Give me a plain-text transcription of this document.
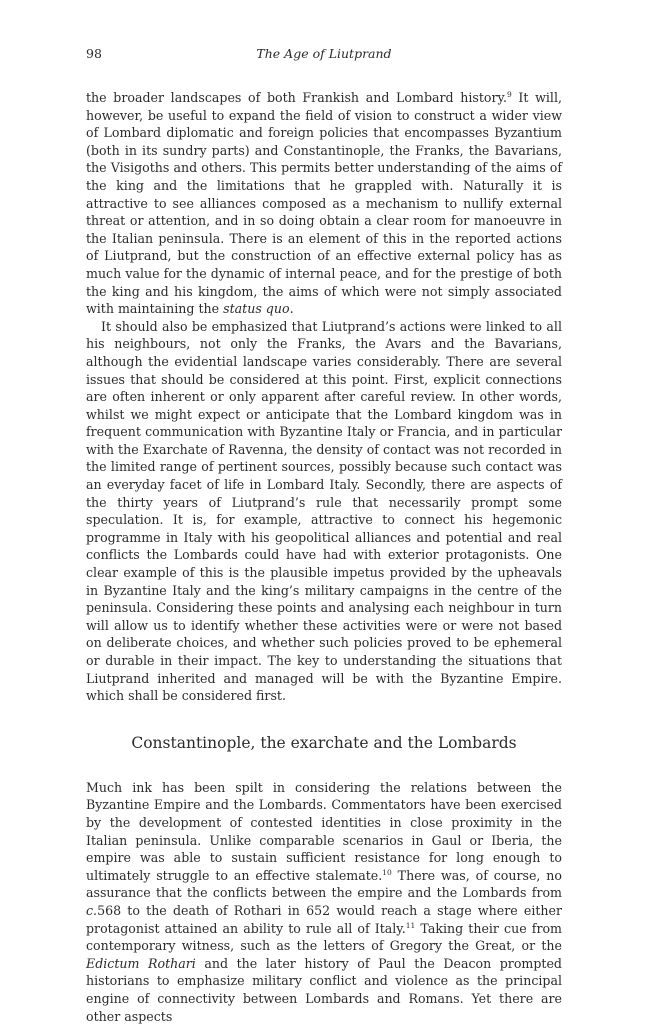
98	The Age of Liutprand

the broader landscapes of both Frankish and Lombard history.$^9$ It will, however, be useful to expand the field of vision to construct a wider view of Lombard diplomatic and foreign policies that encompasses Byzantium (both in its sundry parts) and Constantinople, the Franks, the Bavarians, the Visigoths and others. This permits better understanding of the aims of the king and the limitations that he grappled with. Naturally it is attractive to see alliances composed as a mechanism to nullify external threat or attention, and in so doing obtain a clear room for manoeuvre in the Italian peninsula. There is an element of this in the reported actions of Liutprand, but the construction of an effective external policy has as much value for the dynamic of internal peace, and for the prestige of both the king and his kingdom, the aims of which were not simply associated with maintaining the status quo.

It should also be emphasized that Liutprand’s actions were linked to all his neighbours, not only the Franks, the Avars and the Bavarians, although the evidential landscape varies considerably. There are several issues that should be considered at this point. First, explicit connections are often inherent or only apparent after careful review. In other words, whilst we might expect or anticipate that the Lombard kingdom was in frequent communication with Byzantine Italy or Francia, and in particular with the Exarchate of Ravenna, the density of contact was not recorded in the limited range of pertinent sources, possibly because such contact was an everyday facet of life in Lombard Italy. Secondly, there are aspects of the thirty years of Liutprand’s rule that necessarily prompt some speculation. It is, for example, attractive to connect his hegemonic programme in Italy with his geopolitical alliances and potential and real conflicts the Lombards could have had with exterior protagonists. One clear example of this is the plausible impetus provided by the upheavals in Byzantine Italy and the king’s military campaigns in the centre of the peninsula. Considering these points and analysing each neighbour in turn will allow us to identify whether these activities were or were not based on deliberate choices, and whether such policies proved to be ephemeral or durable in their impact. The key to understanding the situations that Liutprand inherited and managed will be with the Byzantine Empire. which shall be considered first.

Constantinople, the exarchate and the Lombards

Much ink has been spilt in considering the relations between the Byzantine Empire and the Lombards. Commentators have been exercised by the development of contested identities in close proximity in the Italian peninsula. Unlike comparable scenarios in Gaul or Iberia, the empire was able to sustain sufficient resistance for long enough to ultimately struggle to an effective stalemate.$^{10}$ There was, of course, no assurance that the conflicts between the empire and the Lombards from c.568 to the death of Rothari in 652 would reach a stage where either protagonist attained an ability to rule all of Italy.$^{11}$ Taking their cue from contemporary witness, such as the letters of Gregory the Great, or the Edictum Rothari and the later history of Paul the Deacon prompted historians to emphasize military conflict and violence as the principal engine of connectivity between Lombards and Romans. Yet there are other aspects
